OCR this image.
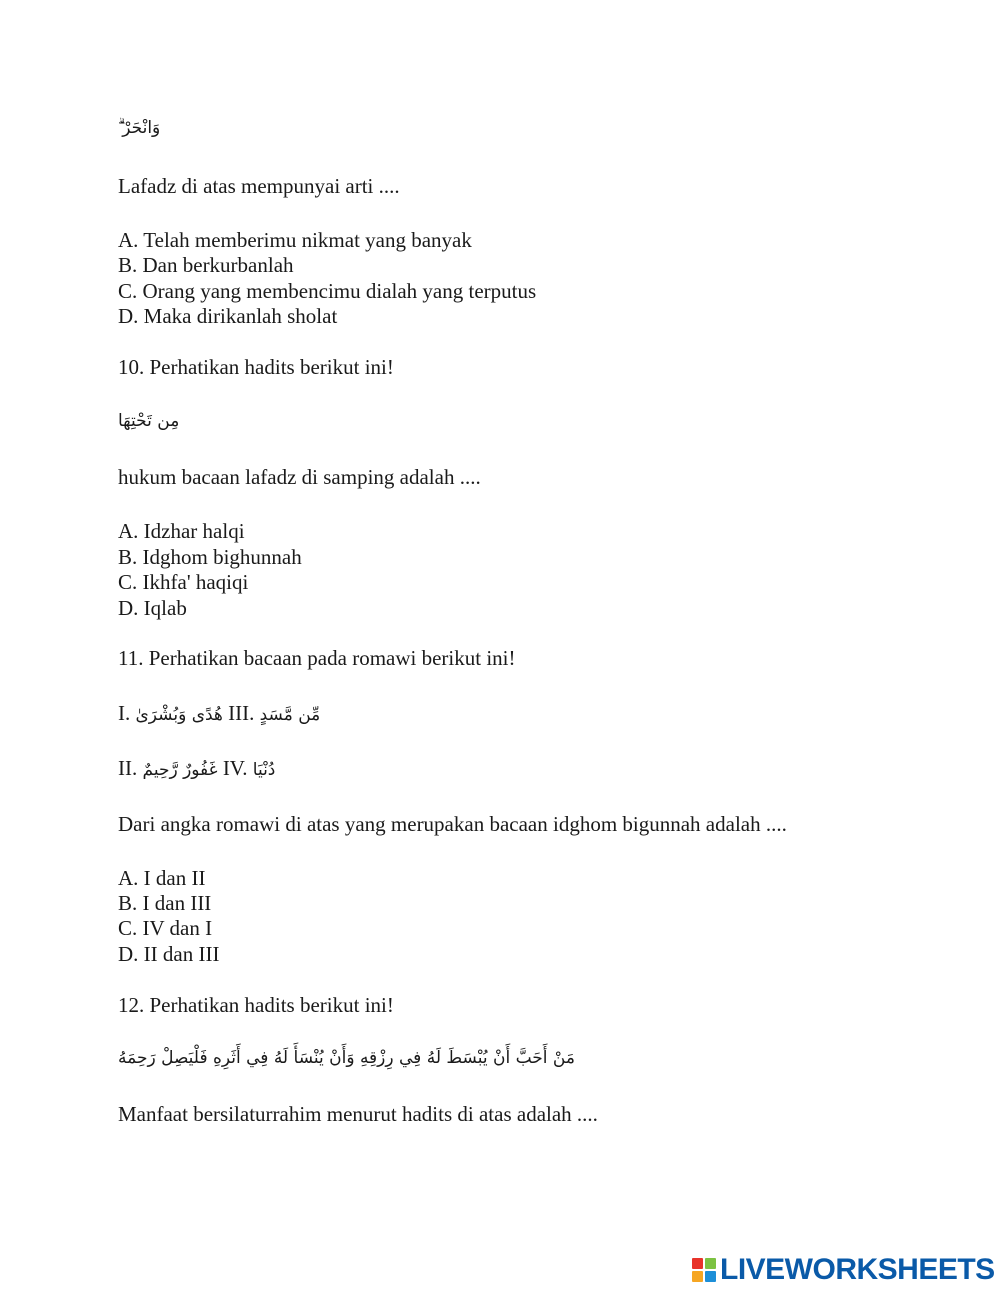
وَانْحَرْ ۗ
Lafadz di atas mempunyai arti ....
A. Telah memberimu nikmat yang banyak
B. Dan berkurbanlah
C. Orang yang membencimu dialah yang terputus
D. Maka dirikanlah sholat
10. Perhatikan hadits berikut ini!
مِن تَحْتِهَا
hukum bacaan lafadz di samping adalah ....
A. Idzhar halqi
B. Idghom bighunnah
C. Ikhfa' haqiqi
D. Iqlab
11. Perhatikan bacaan pada romawi berikut ini!
I. هُدًى وَبُشْرَىٰ III. مِّن مَّسَدٍ
II. غَفُورٌ رَّحِيمٌ IV. دُنْيَا
Dari angka romawi di atas yang merupakan bacaan idghom bigunnah adalah ....
A. I dan II
B. I dan III
C. IV dan I
D. II dan III
12. Perhatikan hadits berikut ini!
مَنْ أَحَبَّ أَنْ يُبْسَطَ لَهُ فِي رِزْقِهِ وَأَنْ يُنْسَأَ لَهُ فِي أَثَرِهِ فَلْيَصِلْ رَحِمَهُ
Manfaat bersilaturrahim menurut hadits di atas adalah ....
LIVEWORKSHEETS
